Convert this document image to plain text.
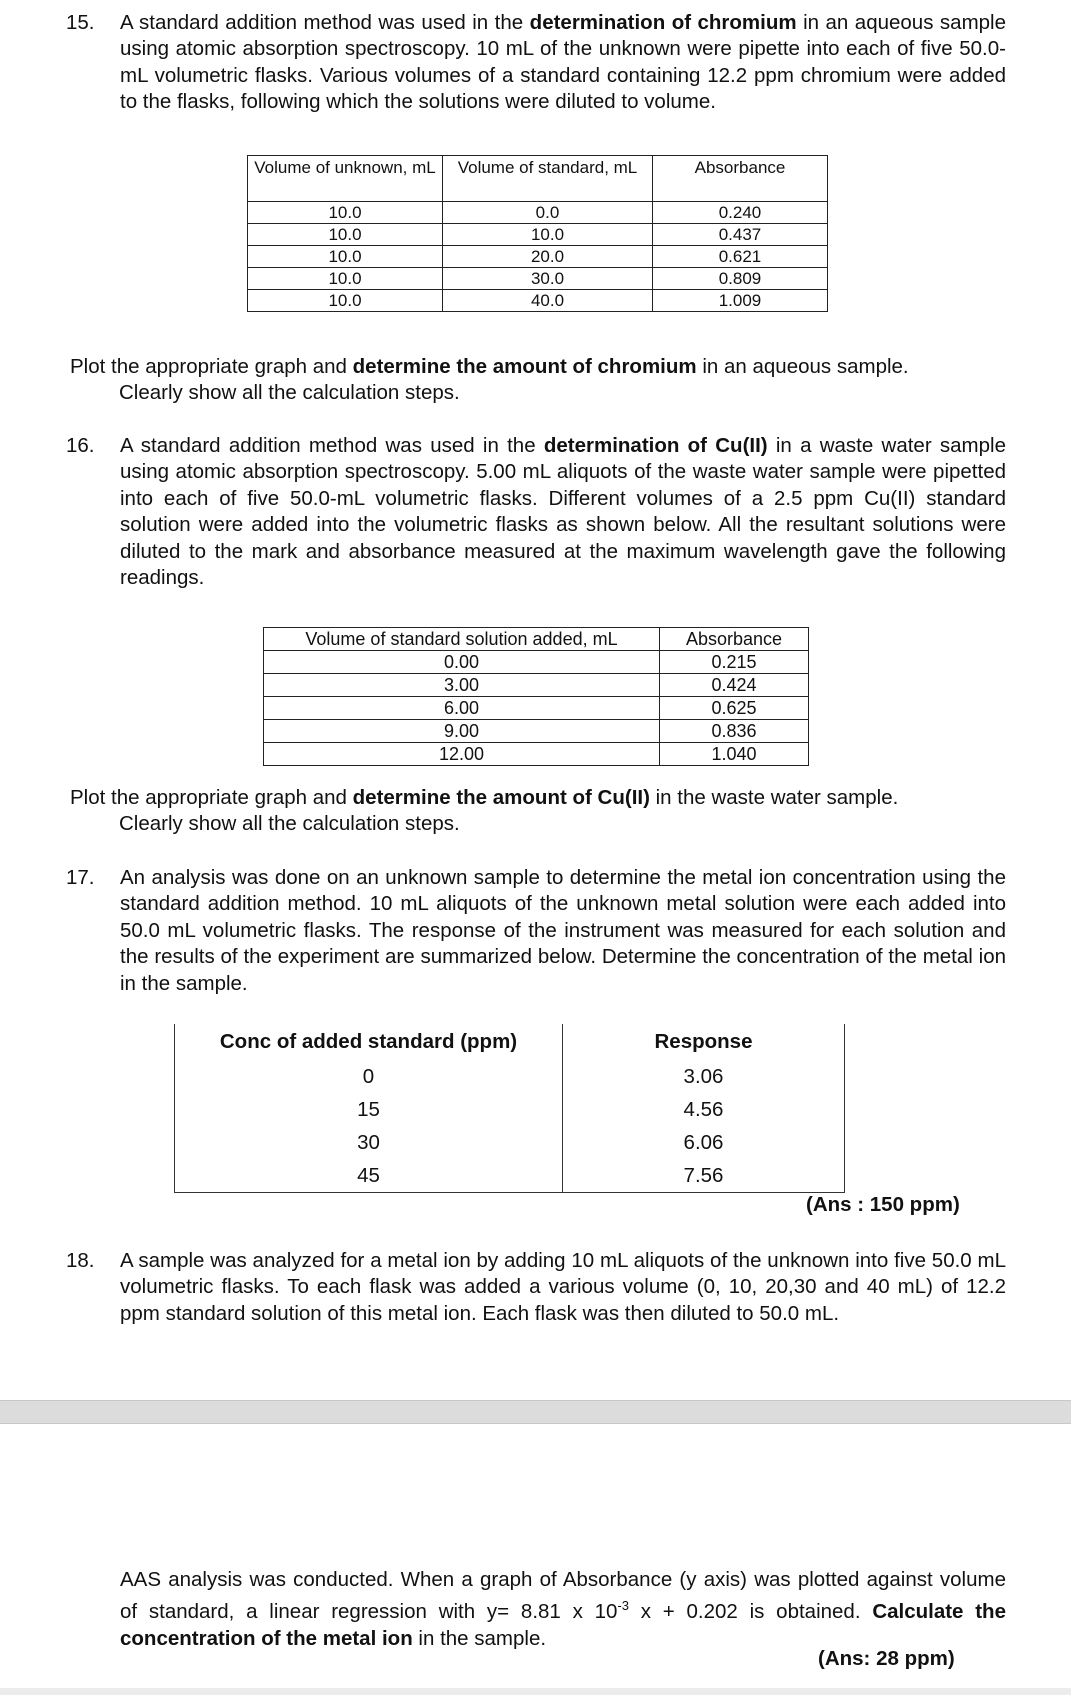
15. A standard addition method was used in the determination of chromium in an aqueous sample using atomic absorption spectroscopy. 10 mL of the unknown were pipette into each of five 50.0-mL volumetric flasks. Various volumes of a standard containing 12.2 ppm chromium were added to the flasks, following which the solutions were diluted to volume.
Volume of unknown, mL	Volume of standard, mL	Absorbance
10.0	0.0	0.240
10.0	10.0	0.437
10.0	20.0	0.621
10.0	30.0	0.809
10.0	40.0	1.009
Plot the appropriate graph and determine the amount of chromium in an aqueous sample.
Clearly show all the calculation steps.
16. A standard addition method was used in the determination of Cu(II) in a waste water sample using atomic absorption spectroscopy. 5.00 mL aliquots of the waste water sample were pipetted into each of five 50.0-mL volumetric flasks. Different volumes of a 2.5 ppm Cu(II) standard solution were added into the volumetric flasks as shown below. All the resultant solutions were diluted to the mark and absorbance measured at the maximum wavelength gave the following readings.
Volume of standard solution added, mL	Absorbance
0.00	0.215
3.00	0.424
6.00	0.625
9.00	0.836
12.00	1.040
Plot the appropriate graph and determine the amount of Cu(II) in the waste water sample.
Clearly show all the calculation steps.
17. An analysis was done on an unknown sample to determine the metal ion concentration using the standard addition method. 10 mL aliquots of the unknown metal solution were each added into 50.0 mL volumetric flasks. The response of the instrument was measured for each solution and the results of the experiment are summarized below. Determine the concentration of the metal ion in the sample.
Conc of added standard (ppm)	Response
0	3.06
15	4.56
30	6.06
45	7.56
(Ans : 150 ppm)
18. A sample was analyzed for a metal ion by adding 10 mL aliquots of the unknown into five 50.0 mL volumetric flasks. To each flask was added a various volume (0, 10, 20,30 and 40 mL) of 12.2 ppm standard solution of this metal ion. Each flask was then diluted to 50.0 mL.
AAS analysis was conducted. When a graph of Absorbance (y axis) was plotted against volume of standard, a linear regression with y= 8.81 x $10^{-3}$ x + 0.202 is obtained. Calculate the concentration of the metal ion in the sample.
(Ans: 28 ppm)
